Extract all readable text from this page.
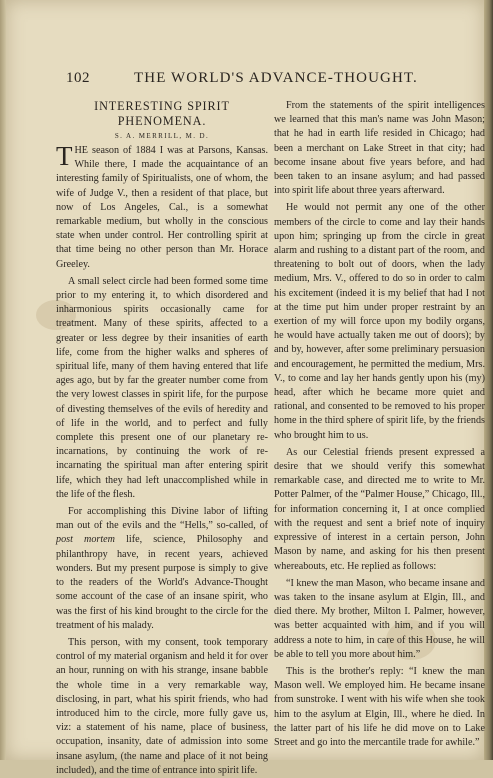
102	THE WORLD'S ADVANCE-THOUGHT.
INTERESTING SPIRIT PHENOMENA.
S. A. MERRILL, M. D.

THE season of 1884 I was at Parsons, Kansas. While there, I made the acquaintance of an interesting family of Spiritualists, one of whom, the wife of Judge V., then a resident of that place, but now of Los Angeles, Cal., is a somewhat remarkable medium, but wholly in the conscious state when under control. Her controlling spirit at that time being no other person than Mr. Horace Greeley.

A small select circle had been formed some time prior to my entering it, to which disordered and inharmonious spirits occasionally came for treatment. Many of these spirits, affected to a greater or less degree by their insanities of earth life, come from the higher walks and spheres of spiritual life, many of them having entered that life ages ago, but by far the greater number come from the very lowest classes in spirit life, for the purpose of divesting themselves of the evils of heredity and of life in the world, and to perfect and fully complete this present one of our planetary re-incarnations, by continuing the work of re-incarnating the spiritual man after entering spirit life, which they had left unaccomplished while in the life of the flesh.

For accomplishing this Divine labor of lifting man out of the evils and the “Hells,” so-called, of post mortem life, science, Philosophy and philanthropy have, in recent years, achieved wonders. But my present purpose is simply to give to the readers of the World's Advance-Thought some account of the case of an insane spirit, who was the first of his kind brought to the circle for the treatment of his malady.

This person, with my consent, took temporary control of my material organism and held it for over an hour, running on with his strange, insane babble the whole time in a very remarkable way, disclosing, in part, what his spirit friends, who had introduced him to the circle, more fully gave us, viz: a statement of his name, place of business, occupation, insanity, date of admission into some insane asylum, (the name and place of it not being included), and the time of entrance into spirit life.

From the statements of the spirit intelligences we learned that this man's name was John Mason; that he had in earth life resided in Chicago; had been a merchant on Lake Street in that city; had become insane about five years before, and had been taken to an insane asylum; and had passed into spirit life about three years afterward.

He would not permit any one of the other members of the circle to come and lay their hands upon him; springing up from the circle in great alarm and rushing to a distant part of the room, and threatening to bolt out of doors, when the lady medium, Mrs. V., offered to do so in order to calm his excitement (indeed it is my belief that had I not at the time put him under proper restraint by an exertion of my will force upon my bodily organs, he would have actually taken me out of doors); by and by, however, after some preliminary persuasion and encouragement, he permitted the medium, Mrs. V., to come and lay her hands gently upon his (my) head, after which he became more quiet and rational, and consented to be removed to his proper home in the third sphere of spirit life, by the friends who brought him to us.

As our Celestial friends present expressed a desire that we should verify this somewhat remarkable case, and directed me to write to Mr. Potter Palmer, of the “Palmer House,” Chicago, Ill., for information concerning it, I at once complied with the request and sent a brief note of inquiry expressive of interest in a certain person, John Mason by name, and asking for his then present whereabouts, etc. He replied as follows:

“I knew the man Mason, who became insane and was taken to the insane asylum at Elgin, Ill., and died there. My brother, Milton I. Palmer, however, was better acquainted with him, and if you will address a note to him, in care of this House, he will be able to tell you more about him.”

This is the brother's reply: “I knew the man Mason well. We employed him. He became insane from sunstroke. I went with his wife when she took him to the asylum at Elgin, Ill., where he died. In the latter part of his life he did move on to Lake Street and go into the mercantile trade for awhile.”
